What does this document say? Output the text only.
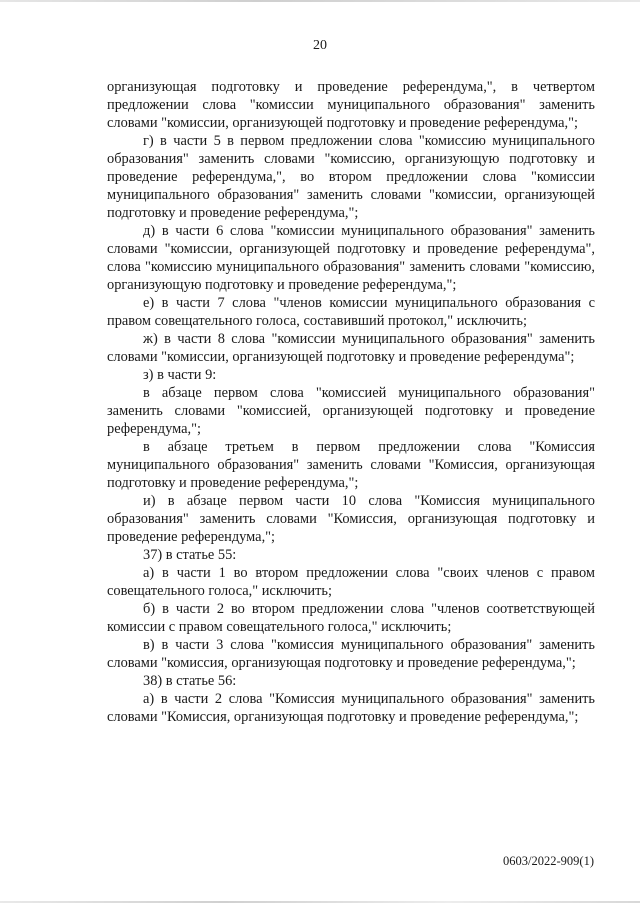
20

организующая подготовку и проведение референдума,", в четвертом предложении слова "комиссии муниципального образования" заменить словами "комиссии, организующей подготовку и проведение референдума,";

г) в части 5 в первом предложении слова "комиссию муниципального образования" заменить словами "комиссию, организующую подготовку и проведение референдума,", во втором предложении слова "комиссии муниципального образования" заменить словами "комиссии, организующей подготовку и проведение референдума,";

д) в части 6 слова "комиссии муниципального образования" заменить словами "комиссии, организующей подготовку и проведение референдума", слова "комиссию муниципального образования" заменить словами "комиссию, организующую подготовку и проведение референдума,";

е) в части 7 слова "членов комиссии муниципального образования с правом совещательного голоса, составивший протокол," исключить;

ж) в части 8 слова "комиссии муниципального образования" заменить словами "комиссии, организующей подготовку и проведение референдума";

з) в части 9:

в абзаце первом слова "комиссией муниципального образования" заменить словами "комиссией, организующей подготовку и проведение референдума,";

в абзаце третьем в первом предложении слова "Комиссия муниципального образования" заменить словами "Комиссия, организующая подготовку и проведение референдума,";

и) в абзаце первом части 10 слова "Комиссия муниципального образования" заменить словами "Комиссия, организующая подготовку и проведение референдума,";

37) в статье 55:

а) в части 1 во втором предложении слова "своих членов с правом совещательного голоса," исключить;

б) в части 2 во втором предложении слова "членов соответствующей комиссии с правом совещательного голоса," исключить;

в) в части 3 слова "комиссия муниципального образования" заменить словами "комиссия, организующая подготовку и проведение референдума,";

38) в статье 56:

а) в части 2 слова "Комиссия муниципального образования" заменить словами "Комиссия, организующая подготовку и проведение референдума,";

0603/2022-909(1)
